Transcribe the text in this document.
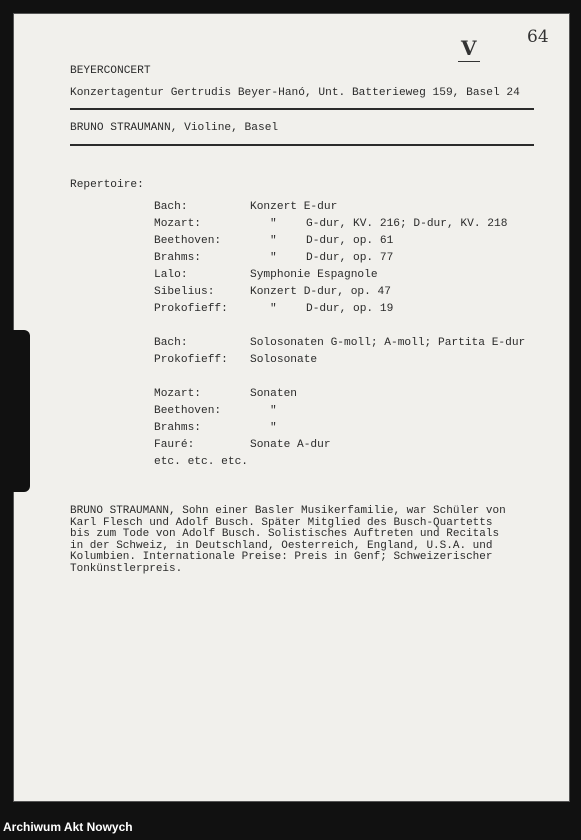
V	64
BEYERCONCERT
Konzertagentur Gertrudis Beyer-Hanó, Unt. Batterieweg 159, Basel 24
BRUNO STRAUMANN, Violine, Basel
Repertoire:
Bach:	Konzert E-dur
Mozart:	"	G-dur, KV. 216; D-dur, KV. 218
Beethoven:	"	D-dur, op. 61
Brahms:	"	D-dur, op. 77
Lalo:	Symphonie Espagnole
Sibelius:	Konzert D-dur, op. 47
Prokofieff:	"	D-dur, op. 19
Bach:	Solosonaten G-moll; A-moll; Partita E-dur
Prokofieff: Solosonate
Mozart:	Sonaten
Beethoven:	"
Brahms:	"
Fauré:	Sonate A-dur
etc. etc. etc.
BRUNO STRAUMANN, Sohn einer Basler Musikerfamilie, war Schüler von
Karl Flesch und Adolf Busch. Später Mitglied des Busch-Quartetts
bis zum Tode von Adolf Busch. Solistisches Auftreten und Recitals
in der Schweiz, in Deutschland, Oesterreich, England, U.S.A. und
Kolumbien. Internationale Preise: Preis in Genf; Schweizerischer
Tonkünstlerpreis.
Archiwum Akt Nowych
